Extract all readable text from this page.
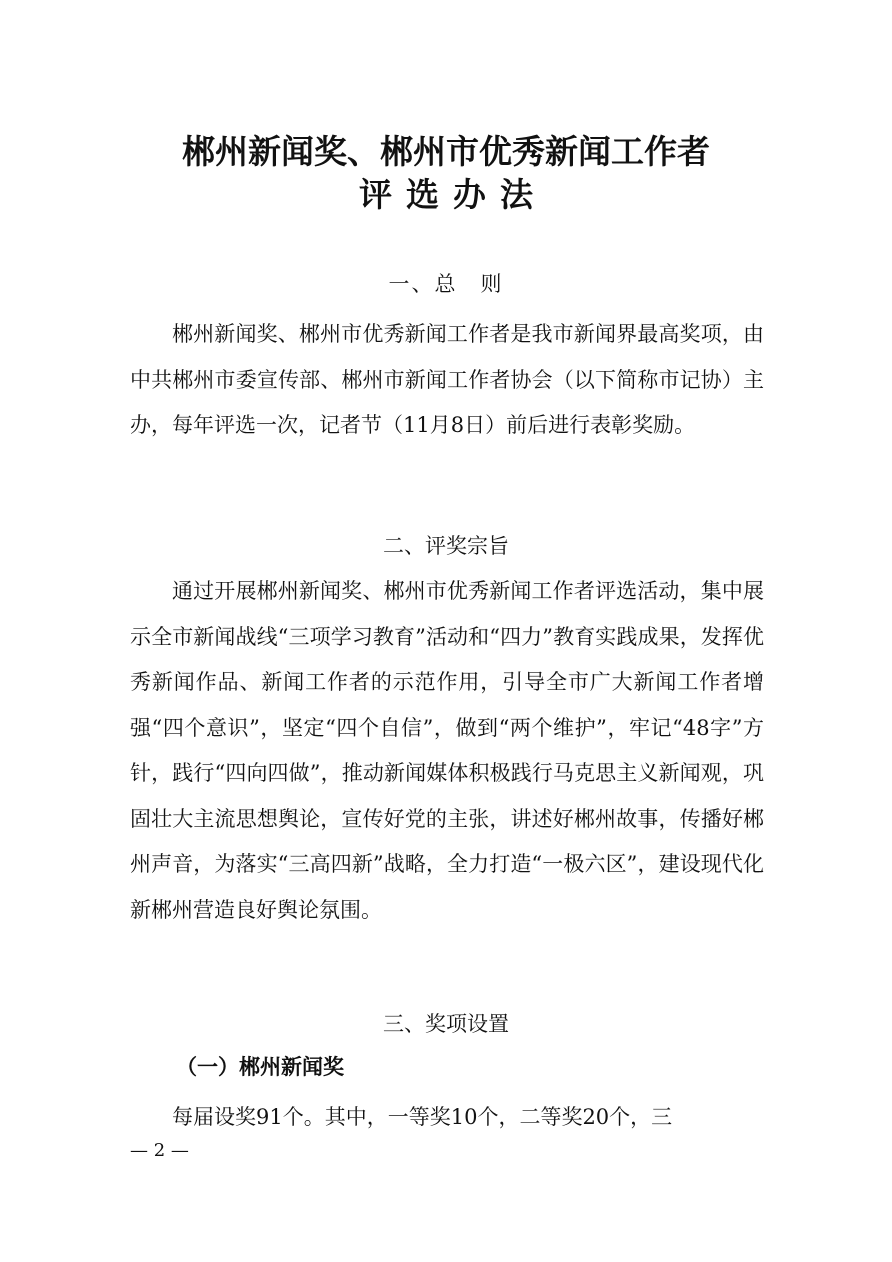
郴州新闻奖、郴州市优秀新闻工作者
评选办法
一、总　则

郴州新闻奖、郴州市优秀新闻工作者是我市新闻界最高奖项，由中共郴州市委宣传部、郴州市新闻工作者协会（以下简称市记协）主办，每年评选一次，记者节（11月8日）前后进行表彰奖励。

二、评奖宗旨

通过开展郴州新闻奖、郴州市优秀新闻工作者评选活动，集中展示全市新闻战线“三项学习教育”活动和“四力”教育实践成果，发挥优秀新闻作品、新闻工作者的示范作用，引导全市广大新闻工作者增强“四个意识”，坚定“四个自信”，做到“两个维护”，牢记“48字”方针，践行“四向四做”，推动新闻媒体积极践行马克思主义新闻观，巩固壮大主流思想舆论，宣传好党的主张，讲述好郴州故事，传播好郴州声音，为落实“三高四新”战略，全力打造“一极六区”，建设现代化新郴州营造良好舆论氛围。

三、奖项设置
（一）郴州新闻奖

每届设奖91个。其中，一等奖10个，二等奖20个，三

— 2 —
